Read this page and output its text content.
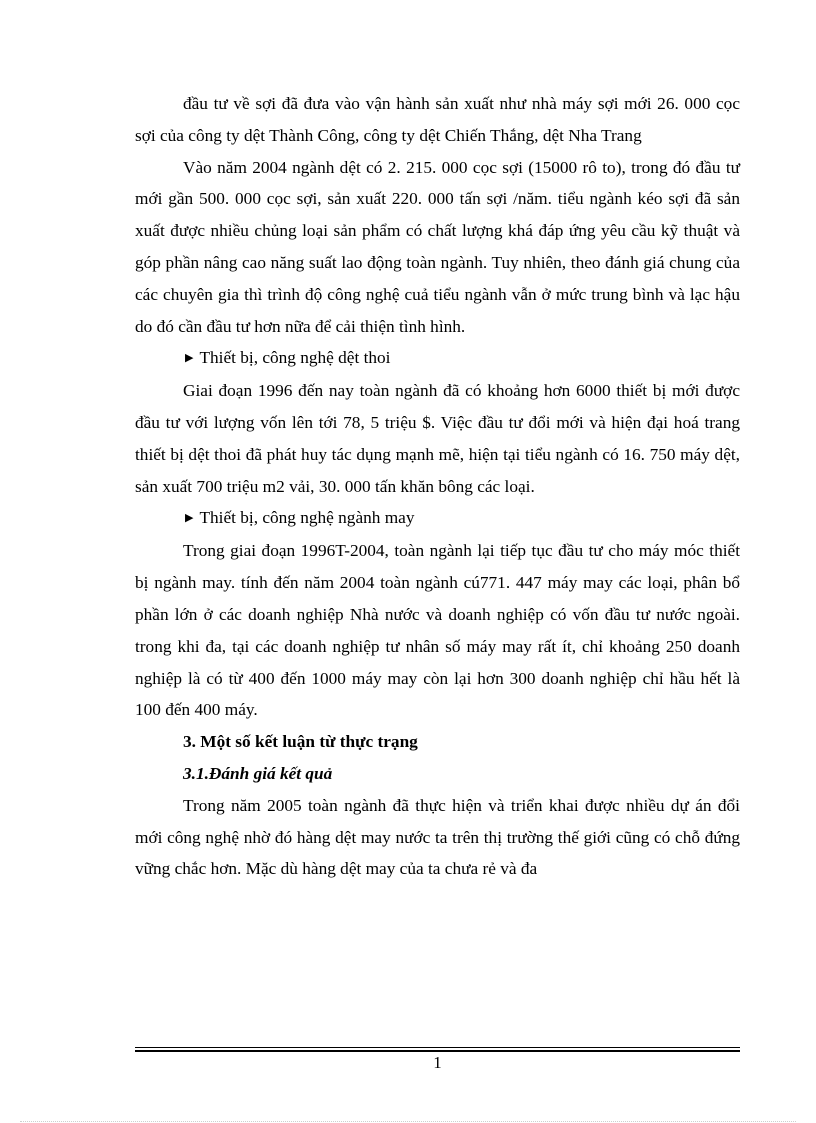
đầu tư về sợi đã đưa vào vận hành sản xuất như nhà máy sợi mới 26. 000 cọc sợi của công ty dệt Thành Công, công ty dệt Chiến Thắng, dệt Nha Trang

Vào năm 2004 ngành dệt có 2. 215. 000 cọc sợi (15000 rô to), trong đó đầu tư mới gần 500. 000 cọc sợi, sản xuất 220. 000 tấn sợi /năm. tiểu ngành kéo sợi đã sản xuất được nhiều chủng loại sản phẩm có chất lượng khá đáp ứng yêu cầu kỹ thuật và góp phần nâng cao năng suất lao động toàn ngành. Tuy nhiên, theo đánh giá chung của các chuyên gia thì trình độ công nghệ cuả tiểu ngành vẫn ở mức trung bình và lạc hậu do đó cần đầu tư hơn nữa để cải thiện tình hình.

▶ Thiết bị, công nghệ dệt thoi

Giai đoạn 1996 đến nay toàn ngành đã có khoảng hơn 6000 thiết bị mới được đầu tư với lượng vốn lên tới 78, 5 triệu $. Việc đầu tư đổi mới và hiện đại hoá trang thiết bị dệt thoi đã phát huy tác dụng mạnh mẽ, hiện tại tiểu ngành có 16. 750 máy dệt, sản xuất 700 triệu m2 vải, 30. 000 tấn khăn bông các loại.

▶ Thiết bị, công nghệ ngành may

Trong giai đoạn 1996T-2004, toàn ngành lại tiếp tục đầu tư cho máy móc thiết bị ngành may. tính đến năm 2004 toàn ngành cú771. 447 máy may các loại, phân bổ phần lớn ở các doanh nghiệp Nhà nước và doanh nghiệp có vốn đầu tư nước ngoài. trong khi đa, tại các doanh nghiệp tư nhân số máy may rất ít, chỉ khoảng 250 doanh nghiệp là có từ 400 đến 1000 máy may còn lại hơn 300 doanh nghiệp chỉ hầu hết là 100 đến 400 máy.

3. Một số kết luận từ thực trạng

3.1.Đánh giá kết quả

Trong năm 2005 toàn ngành đã thực hiện và triển khai được nhiều dự án đổi mới công nghệ nhờ đó hàng dệt may nước ta trên thị trường thế giới cũng có chỗ đứng vững chắc hơn. Mặc dù hàng dệt may của ta chưa rẻ và đa

1
